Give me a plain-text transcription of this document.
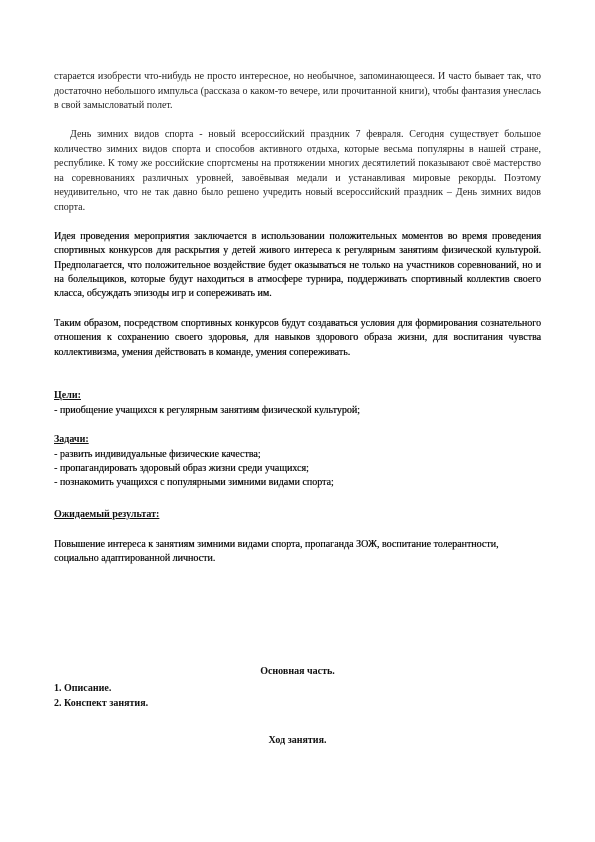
старается изобрести что-нибудь не просто интересное, но необычное, запоминающееся. И часто бывает так, что достаточно небольшого импульса (рассказа о каком-то вечере, или прочитанной книги), чтобы фантазия унеслась в свой замысловатый полет.

День зимних видов спорта - новый всероссийский праздник 7 февраля. Сегодня существует большое количество зимних видов спорта и способов активного отдыха, которые весьма популярны в нашей стране, республике. К тому же российские спортсмены на протяжении многих десятилетий показывают своё мастерство на соревнованиях различных уровней, завоёвывая медали и устанавливая мировые рекорды. Поэтому неудивительно, что не так давно было решено учредить новый всероссийский праздник – День зимних видов спорта.

Идея проведения мероприятия заключается в использовании положительных моментов во время проведения спортивных конкурсов для раскрытия у детей живого интереса к регулярным занятиям физической культурой. Предполагается, что положительное воздействие будет оказываться не только на участников соревнований, но и на болельщиков, которые будут находиться в атмосфере турнира, поддерживать спортивный коллектив своего класса, обсуждать эпизоды игр и сопереживать им.

Таким образом, посредством спортивных конкурсов будут создаваться условия для формирования сознательного отношения к сохранению своего здоровья, для навыков здорового образа жизни, для воспитания чувства коллективизма, умения действовать в команде, умения сопереживать.

Цели:

- приобщение учащихся к регулярным занятиям физической культурой;

Задачи:

- развить индивидуальные физические качества;
- пропагандировать здоровый образ жизни среди учащихся;
- познакомить учащихся с популярными зимними видами спорта;

Ожидаемый результат:

Повышение интереса к занятиям зимними видами спорта, пропаганда ЗОЖ, воспитание толерантности, социально адаптированной личности.

Основная часть.

1. Описание.

2. Конспект занятия.

Ход занятия.
